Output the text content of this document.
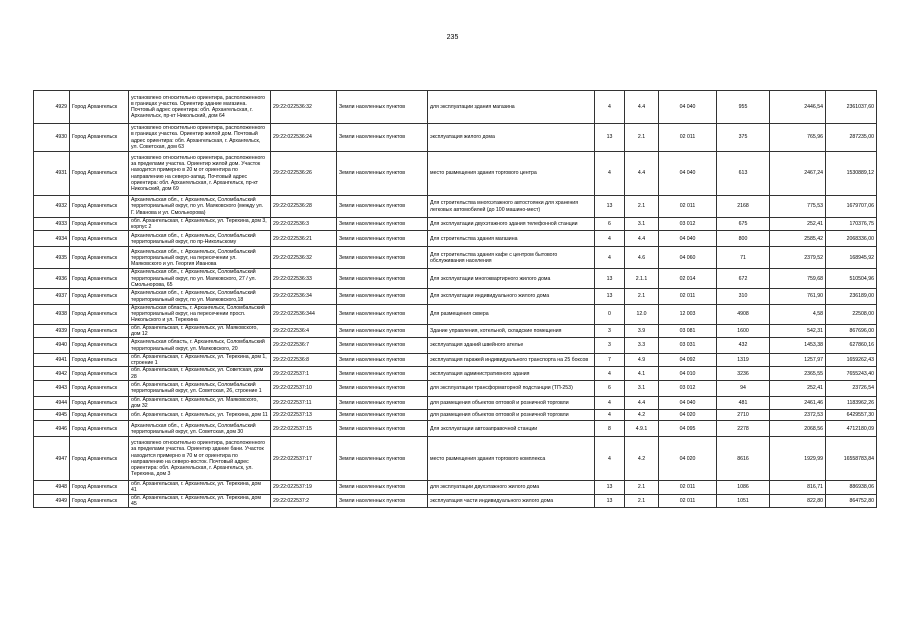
235
4929	Город Архангельск	установлено относительно ориентира, расположенного в границах участка. Ориентир здание магазина. Почтовый адрес ориентира: обл. Архангельская, г. Архангельск, пр-кт Никольский, дом 64	29:22:022536:32	Земли населенных пунктов	для эксплуатации здания магазина	4	4.4	04 040	955	2446,54	2361037,60
4930	Город Архангельск	установлено относительно ориентира, расположенного в границах участка. Ориентир жилой дом. Почтовый адрес ориентира: обл. Архангельская, г. Архангельск, ул. Советская, дом 63	29:22:022536:24	Земли населенных пунктов	эксплуатация жилого дома	13	2.1	02 011	375	765,96	287235,00
4931	Город Архангельск	установлено относительно ориентира, расположенного за пределами участка. Ориентир жилой дом. Участок находится примерно в 20 м от ориентира по направлению на северо-запад. Почтовый адрес ориентира: обл. Архангельская, г. Архангельск, пр-кт Никольский, дом 69	29:22:022536:26	Земли населенных пунктов	место размещения здания торгового центра	4	4.4	04 040	613	2467,24	1530889,12
4932	Город Архангельск	Архангельская обл., г. Архангельск, Соломбальский территориальный округ, по ул. Маяковского (между ул. Г. Иванова и ул. Смольнорова)	29:22:022536:28	Земли населенных пунктов	Для строительства многоэтажного автостоянки для хранения легковых автомобилей (до 100 машино-мест)	13	2.1	02 011	2168	775,53	1679707,06
4933	Город Архангельск	обл. Архангельская, г. Архангельск, ул. Терехина, дом 3, корпус 2	29:22:022536:3	Земли населенных пунктов	Для эксплуатации двухэтажного здания телефонной станции	6	3.1	03 012	675	252,41	170376,75
4934	Город Архангельск	Архангельская обл., г. Архангельск, Соломбальский территориальный округ, по пр-Никольскому	29:22:022536:21	Земли населенных пунктов	Для строительства здания магазина	4	4.4	04 040	800	2585,42	2068336,00
4935	Город Архангельск	Архангельская обл., г. Архангельск, Соломбальский территориальный округ, на пересечении ул. Маяковского и ул. Георгия Иванова	29:22:022536:32	Земли населенных пунктов	Для строительства здания кафе с центром бытового обслуживания населения	4	4.6	04 060	71	2379,52	168945,92
4936	Город Архангельск	Архангельская обл., г. Архангельск, Соломбальский территориальный округ, по ул. Маяковского, 27 / ул. Смольнорова, 65	29:22:022536:33	Земли населенных пунктов	Для эксплуатации многоквартирного жилого дома	13	2.1.1	02 014	672	759,68	510504,96
4937	Город Архангельск	Архангельская обл., г. Архангельск, Соломбальский территориальный округ, по ул. Маяковского,18	29:22:022536:34	Земли населенных пунктов	Для эксплуатации индивидуального жилого дома	13	2.1	02 011	310	761,90	236189,00
4938	Город Архангельск	Архангельская область, г. Архангельск, Соломбальский территориальный округ, на пересечении просп. Никольского и ул. Терехина	29:22:022536:344	Земли населенных пунктов	Для размещения сквера	0	12.0	12 003	4908	4,58	22508,00
4939	Город Архангельск	обл. Архангельская, г. Архангельск, ул. Маяковского, дом 12	29:22:022536:4	Земли населенных пунктов	Здание управления, котельной, складские помещения	3	3.9	03 081	1600	542,31	867696,00
4940	Город Архангельск	Архангельская область, г. Архангельск, Соломбальский территориальный округ, ул. Маяковского, 20	29:22:022536:7	Земли населенных пунктов	эксплуатация зданий швейного ателье	3	3.3	03 031	432	1453,38	627860,16
4941	Город Архангельск	обл. Архангельская, г. Архангельск, ул. Терехина, дом 1, строение 1	29:22:022536:8	Земли населенных пунктов	эксплуатация гаражей индивидуального транспорта на 25 боксов	7	4.9	04 092	1319	1257,97	1659262,43
4942	Город Архангельск	обл. Архангельская, г. Архангельск, ул. Советская, дом 28	29:22:022537:1	Земли населенных пунктов	эксплуатация административного здания	4	4.1	04 010	3236	2365,55	7655243,40
4943	Город Архангельск	обл. Архангельская, г. Архангельск, Соломбальский территориальный округ, ул. Советская, 26, строение 1	29:22:022537:10	Земли населенных пунктов	для эксплуатации трансформаторной подстанции (ТП-253)	6	3.1	03 012	94	252,41	23726,54
4944	Город Архангельск	обл. Архангельская, г. Архангельск, ул. Маяковского, дом 32	29:22:022537:11	Земли населенных пунктов	для размещения объектов оптовой и розничной торговли	4	4.4	04 040	481	2461,46	1183962,26
4945	Город Архангельск	обл. Архангельская, г. Архангельск, ул. Терехина, дом 11	29:22:022537:13	Земли населенных пунктов	для размещения объектов оптовой и розничной торговли	4	4.2	04 020	2710	2372,53	6429557,30
4946	Город Архангельск	Архангельская обл., г. Архангельск, Соломбальский территориальный округ, ул. Советская, дом 30	29:22:022537:15	Земли населенных пунктов	Для эксплуатации автозаправочной станции	8	4.9.1	04 095	2278	2068,56	4712180,09
4947	Город Архангельск	установлено относительно ориентира, расположенного за пределами участка. Ориентир здание бани. Участок находится примерно в 70 м от ориентира по направлению на северо-восток. Почтовый адрес ориентира: обл. Архангельская, г. Архангельск, ул. Терехина, дом 3	29:22:022537:17	Земли населенных пунктов	место размещения здания торгового комплекса	4	4.2	04 020	8616	1929,99	16558783,84
4948	Город Архангельск	обл. Архангельская, г. Архангельск, ул. Терехина, дом 41	29:22:022537:19	Земли населенных пунктов	для эксплуатации двухэтажного жилого дома	13	2.1	02 011	1086	816,71	886938,06
4949	Город Архангельск	обл. Архангельская, г. Архангельск, ул. Терехина, дом 45	29:22:022537:2	Земли населенных пунктов	эксплуатация части индивидуального жилого дома	13	2.1	02 011	1051	822,80	864752,80
